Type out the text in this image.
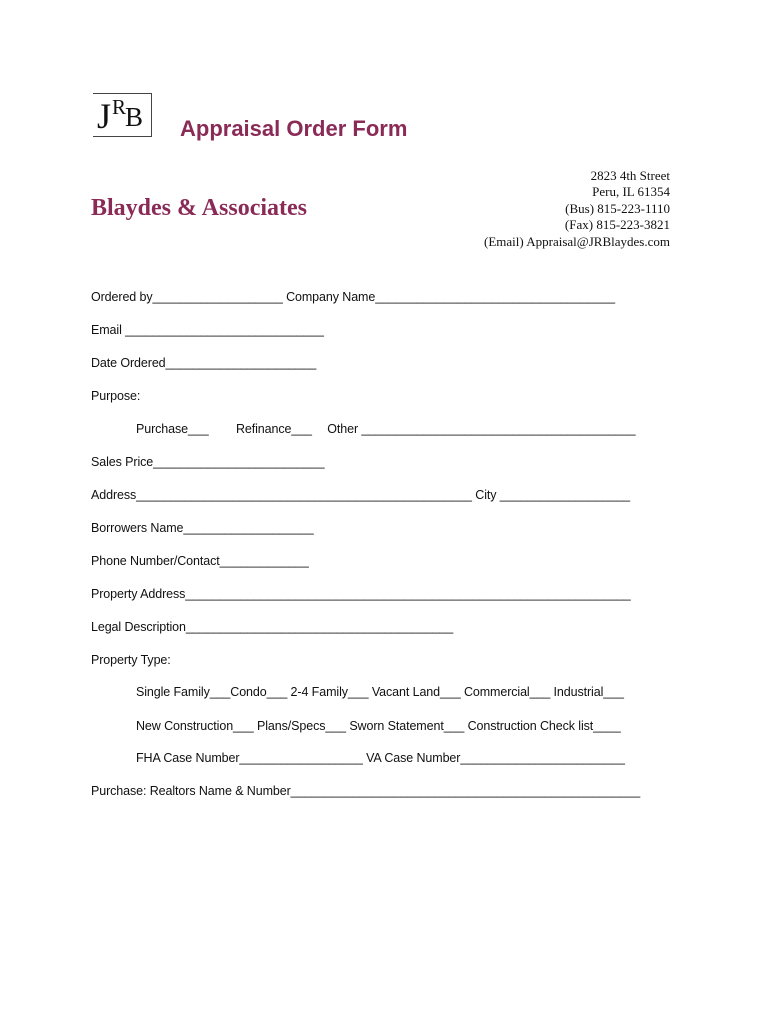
J R
B Appraisal Order Form
Blaydes & Associates
2823 4th Street
Peru, IL 61354
(Bus) 815-223-1110
(Fax) 815-223-3821
(Email) Appraisal@JRBlaydes.com
Ordered by___________________ Company Name___________________________________
Email _____________________________
Date Ordered______________________
Purpose:
Purchase___ Refinance___ Other ________________________________________
Sales Price_________________________
Address_________________________________________________ City ___________________
Borrowers Name___________________
Phone Number/Contact_____________
Property Address_________________________________________________________________
Legal Description_______________________________________
Property Type:
Single Family___Condo___ 2-4 Family___ Vacant Land___ Commercial___ Industrial___
New Construction___ Plans/Specs___ Sworn Statement___ Construction Check list____
FHA Case Number__________________ VA Case Number________________________
Purchase: Realtors Name & Number___________________________________________________
